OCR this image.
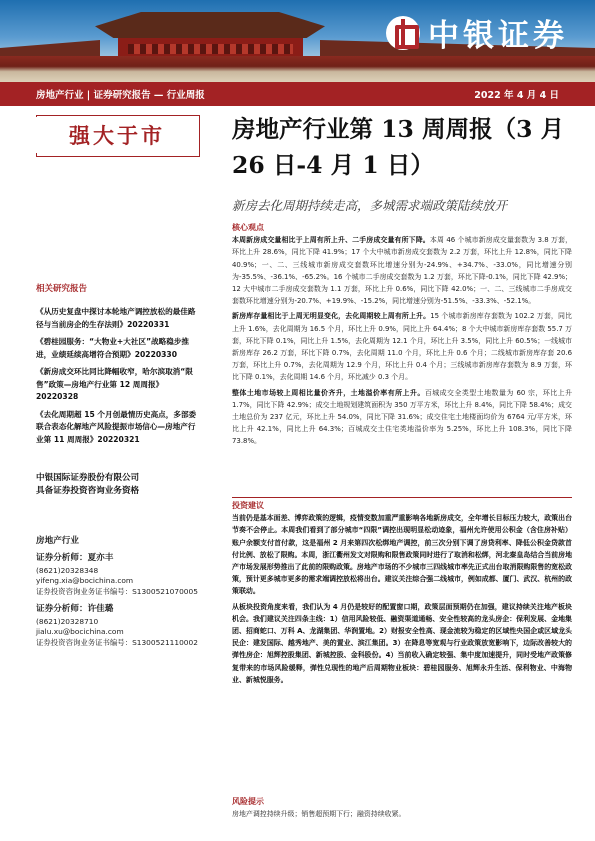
中银证券
房地产行业 | 证券研究报告 — 行业周报	2022 年 4 月 4 日
强大于市	房地产行业第 13 周周报（3 月 26 日-4 月 1 日）
新房去化周期持续走高，多城需求端政策陆续放开
相关研究报告
《从历史复盘中探讨本轮地产调控放松的最佳路径与当前房企的生存法则》20220331
《碧桂园服务：“大物业+大社区”战略稳步推进，业绩延续高增符合预期》20220330
《新房成交环比同比降幅收窄，哈尔滨取消“限售”政策—房地产行业第 12 周周报》20220328
《去化周期超 15 个月创最情历史高点，多部委联合表态化解地产风险提振市场信心—房地产行业第 11 周周报》20220321
中银国际证券股份有限公司
具备证券投资咨询业务资格
房地产行业
证券分析师：夏亦丰
(8621)20328348
yifeng.xia@bocichina.com
证券投资咨询业务证书编号：S1300521070005
证券分析师：许佳璐
(8621)20328710
jialu.xu@bocichina.com
证券投资咨询业务证书编号：S1300521110002
核心观点
本周新房成交量相比于上周有所上升、二手房成交量有所下降。本周 46 个城市新房成交量套数为 3.8 万套，环比上升 28.6%，同比下降 41.9%；17 个大中城市新房成交套数为 2.2 万套，环比上升 12.8%，同比下降 40.9%；一、二、三线城市新房成交套数环比增速分别为-24.9%、+34.7%、-33.0%，同比增速分别为-35.5%、-36.1%、-65.2%。16 个城市二手房成交套数为 1.2 万套，环比下降-0.1%，同比下降 42.9%；12 大中城市二手房成交套数为 1.1 万套，环比上升 0.6%，同比下降 42.0%；一、二、三线城市二手房成交套数环比增速分别为-20.7%、+19.9%、-15.2%，同比增速分别为-51.5%、-33.3%、-52.1%。
新房库存量相比于上周无明显变化，去化周期较上周有所上升。15 个城市新房库存套数为 102.2 万套，同比上升 1.6%，去化周期为 16.5 个月，环比上升 0.9%，同比上升 64.4%；8 个大中城市新房库存套数 55.7 万套，环比下降 0.1%，同比上升 1.5%，去化周期为 12.1 个月，环比上升 3.5%，同比上升 60.5%；一线城市新房库存 26.2 万套，环比下降 0.7%，去化周期 11.0 个月，环比上升 0.6 个月；二线城市新房库存套 20.6 万套，环比上升 0.7%，去化周期为 12.9 个月，环比上升 0.4 个月；三线城市新房库存套数为 8.9 万套，环比下降 0.1%，去化周期 14.6 个月，环比减少 0.3 个月。
整体土地市场较上周相比量价齐升，土地溢价率有所上升。百城成交全类型土地数量为 60 宗，环比上升 1.7%，同比下降 42.9%；成交土地规划建筑面积为 350 万平方米，环比上升 8.4%，同比下降 58.4%；成交土地总价为 237 亿元，环比上升 54.0%，同比下降 31.6%；成交住宅土地楼面均价为 6764 元/平方米，环比上升 42.1%，同比上升 64.3%；百城成交土住宅类地溢价率为 5.25%，环比上升 108.3%，同比下降 73.8%。
投资建议
当前仍是基本面差、博弈政策的逻辑，疫情变数加重严重影响各地新房成交，全年增长目标压力较大，政策出台节奏不会停止。本周我们看到了部分城市“四限”调控出现明显松动迹象，福州允许使用公积金（含住房补贴）账户余额支付首付款，这是福州 2 月来第四次松绑地产调控，前三次分别下调了房贷利率、降低公积金贷款首付比例、放松了限购。本周，浙江衢州发文对限购和限售政策同时进行了取消和松绑，河北秦皇岛结合当前房地产市场发展形势推出了此前的限购政策。房地产市场的不少城市三四线城市率先正式出台取消限购限售的宽松政策，预计更多城市更多的需求端调控放松将出台。建议关注综合强二线城市，例如成都、厦门、武汉、杭州的政策联动。
从板块投资角度来看，我们认为 4 月仍是较好的配置窗口期，政策层面预期仍在加强，建议持续关注地产板块机会。我们建议关注四条主线：1）信用风险较低、融资渠道通畅、安全性较高的龙头房企：保利发展、金地集团、招商蛇口、万科 A、龙湖集团、华润置地。2）财报安全性高、现金流较为稳定的区域性央国企或区域龙头民企：建发国际、越秀地产、美的置业、滨江集团。3）在降息等宽观与行业政策放宽影响下，边际改善较大的弹性房企：旭辉控股集团、新城控股、金科股份。4）当前收入确定较强、集中度加速提升，同时受地产政策修复带来的市场风险缓释，弹性兑现性的地产后周期物业板块：碧桂园服务、旭辉永升生活、保利物业、中海物业、新城悦服务。
风险提示
房地产调控持续升级；销售超预期下行；融资持续收紧。
